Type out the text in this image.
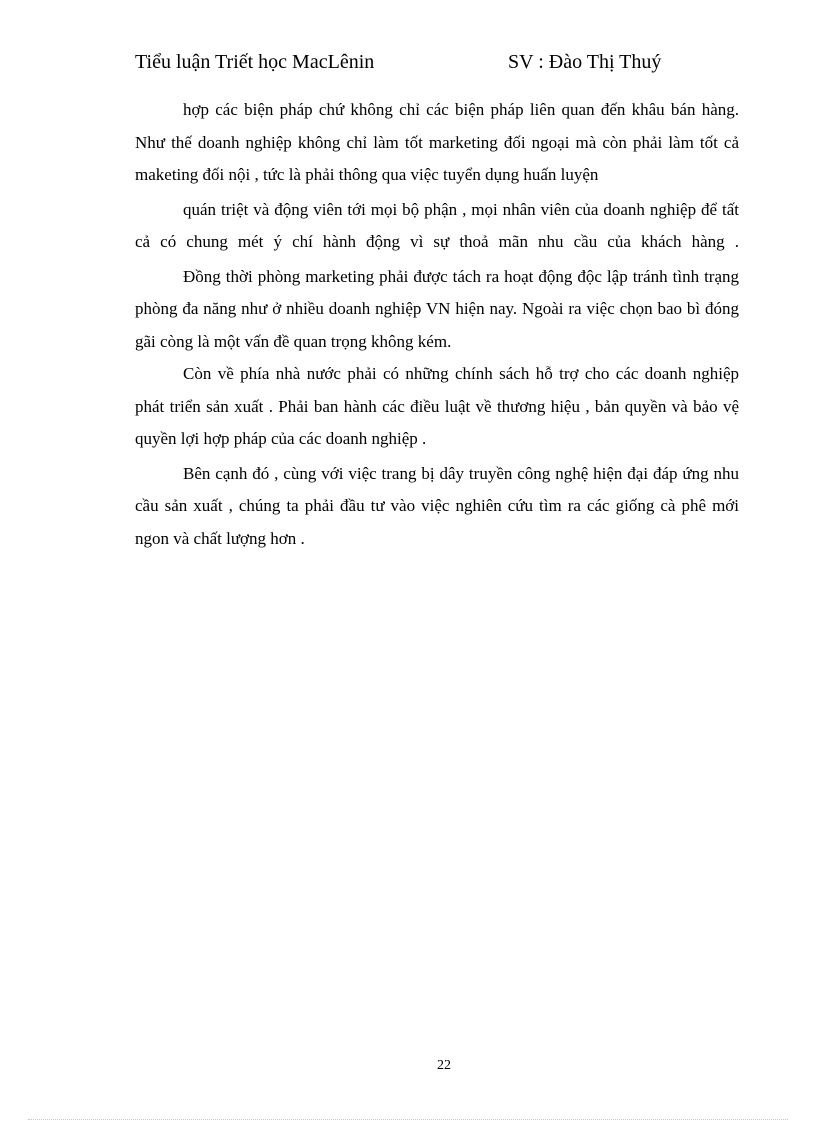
Tiểu luận Triết học MacLênin	SV : Đào Thị Thuý

hợp các biện pháp chứ không chỉ các biện pháp liên quan đến khâu bán hàng. Như thế doanh nghiệp không chỉ làm tốt marketing đối ngoại mà còn phải làm tốt cả maketing đối nội , tức là phải thông qua việc tuyển dụng huấn luyện

quán triệt và động viên tới mọi bộ phận , mọi nhân viên của doanh nghiệp để tất cả có chung mét ý chí hành động vì sự thoả mãn nhu cầu của khách hàng .

Đồng thời phòng marketing phải được tách ra hoạt động độc lập tránh tình trạng phòng đa năng như ở nhiều doanh nghiệp VN hiện nay. Ngoài ra việc chọn bao bì đóng gãi còng là một vấn đề quan trọng không kém.

Còn về phía nhà nước phải có những chính sách hỗ trợ cho các doanh nghiệp phát triển sản xuất . Phải ban hành các điều luật về thương hiệu , bản quyền và bảo vệ quyền lợi hợp pháp của các doanh nghiệp .

Bên cạnh đó , cùng với việc trang bị dây truyền công nghệ hiện đại đáp ứng nhu cầu sản xuất , chúng ta phải đầu tư vào việc nghiên cứu tìm ra các giống cà phê mới ngon và chất lượng hơn .

22
